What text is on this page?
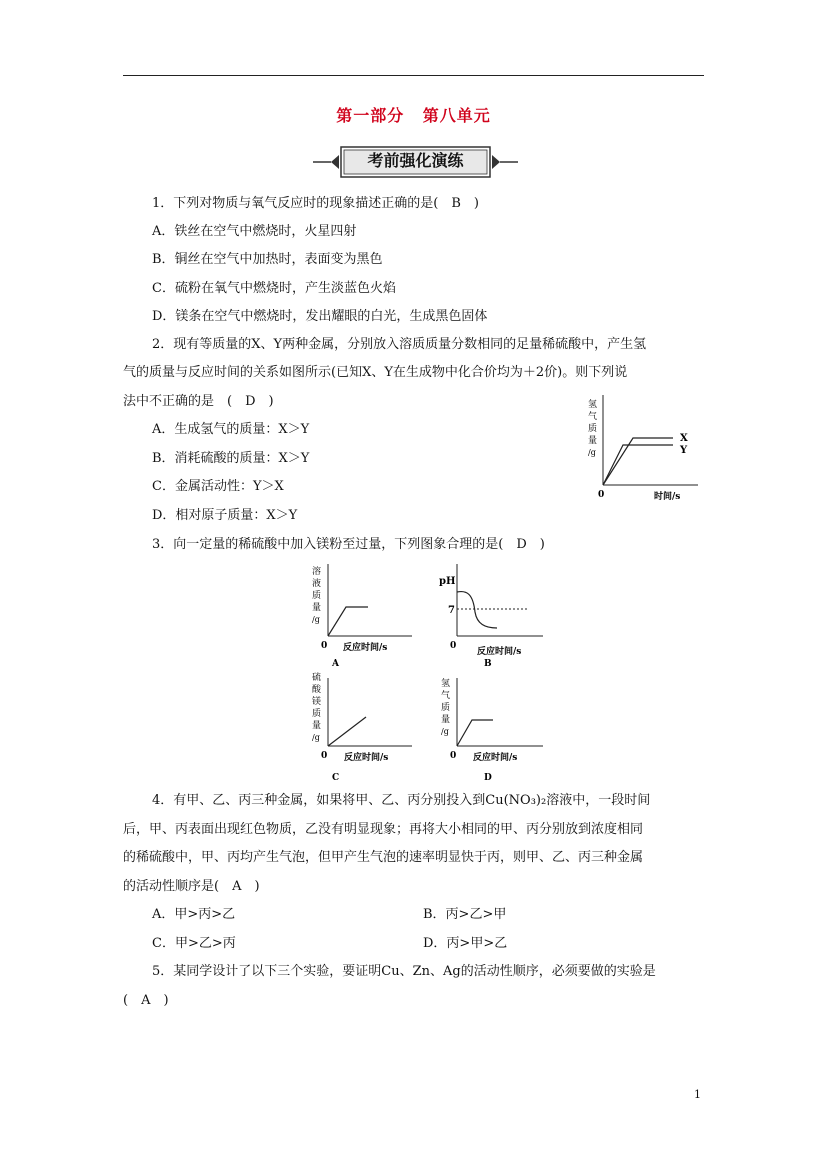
第一部分 第八单元
考前强化演练
1．下列对物质与氧气反应时的现象描述正确的是(　B　)
A．铁丝在空气中燃烧时，火星四射
B．铜丝在空气中加热时，表面变为黑色
C．硫粉在氧气中燃烧时，产生淡蓝色火焰
D．镁条在空气中燃烧时，发出耀眼的白光，生成黑色固体
2．现有等质量的X、Y两种金属，分别放入溶质质量分数相同的足量稀硫酸中，产生氢
气的质量与反应时间的关系如图所示(已知X、Y在生成物中化合价均为＋2价)。则下列说
法中不正确的是　(　D　)
A．生成氢气的质量：X＞Y
B．消耗硫酸的质量：X＞Y
C．金属活动性：Y＞X
D．相对原子质量：X＞Y
氢
气
质
量
/g
0	时间/s
X
Y
3．向一定量的稀硫酸中加入镁粉至过量，下列图象合理的是(　D　)
溶
液
质
量
/g
0 反应时间/s
A
pH
7
0
反应时间/s
B
硫
酸
镁
质
量
/g
0 反应时间/s
C
氢
气
质
量
/g
0 反应时间/s
D
4．有甲、乙、丙三种金属，如果将甲、乙、丙分别投入到Cu(NO₃)₂溶液中，一段时间
后，甲、丙表面出现红色物质，乙没有明显现象；再将大小相同的甲、丙分别放到浓度相同
的稀硫酸中，甲、丙均产生气泡，但甲产生气泡的速率明显快于丙，则甲、乙、丙三种金属
的活动性顺序是(　A　)
A．甲>丙>乙	B．丙>乙>甲
C．甲>乙>丙	D．丙>甲>乙
5．某同学设计了以下三个实验，要证明Cu、Zn、Ag的活动性顺序，必须要做的实验是
(　A　)
1
